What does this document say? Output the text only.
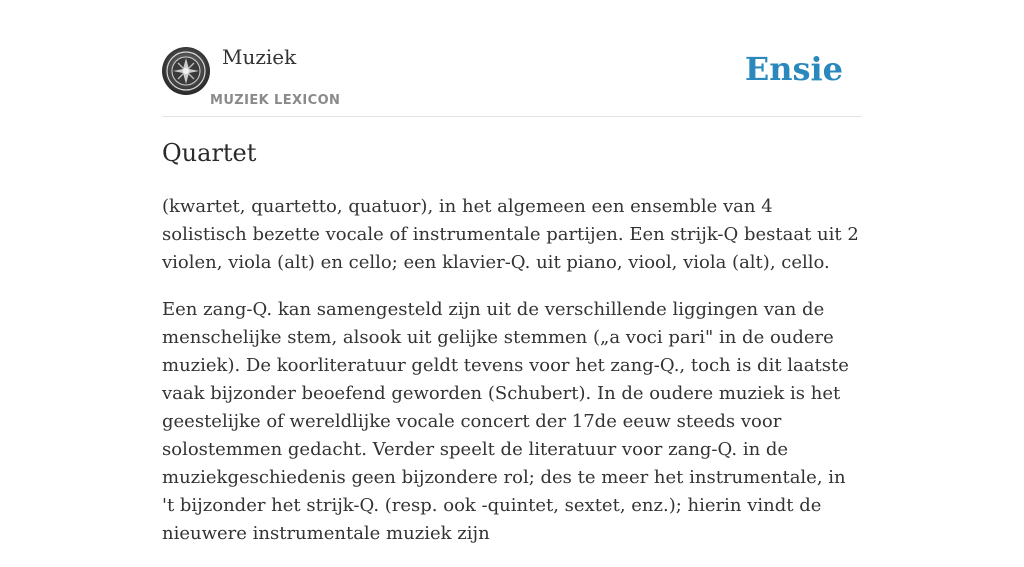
Muziek
MUZIEK LEXICON
Ensie
Quartet

(kwartet, quartetto, quatuor), in het algemeen een ensemble van 4 solistisch bezette vocale of instrumentale partijen. Een strijk-Q bestaat uit 2 violen, viola (alt) en cello; een klavier-Q. uit piano, viool, viola (alt), cello.

Een zang-Q. kan samengesteld zijn uit de verschillende liggingen van de menschelijke stem, alsook uit gelijke stemmen („a voci pari" in de oudere muziek). De koorliteratuur geldt tevens voor het zang-Q., toch is dit laatste vaak bijzonder beoefend geworden (Schubert). In de oudere muziek is het geestelijke of wereldlijke vocale concert der 17de eeuw steeds voor solostemmen gedacht. Verder speelt de literatuur voor zang-Q. in de muziekgeschiedenis geen bijzondere rol; des te meer het instrumentale, in 't bijzonder het strijk-Q. (resp. ook -quintet, sextet, enz.); hierin vindt de nieuwere instrumentale muziek zijn
